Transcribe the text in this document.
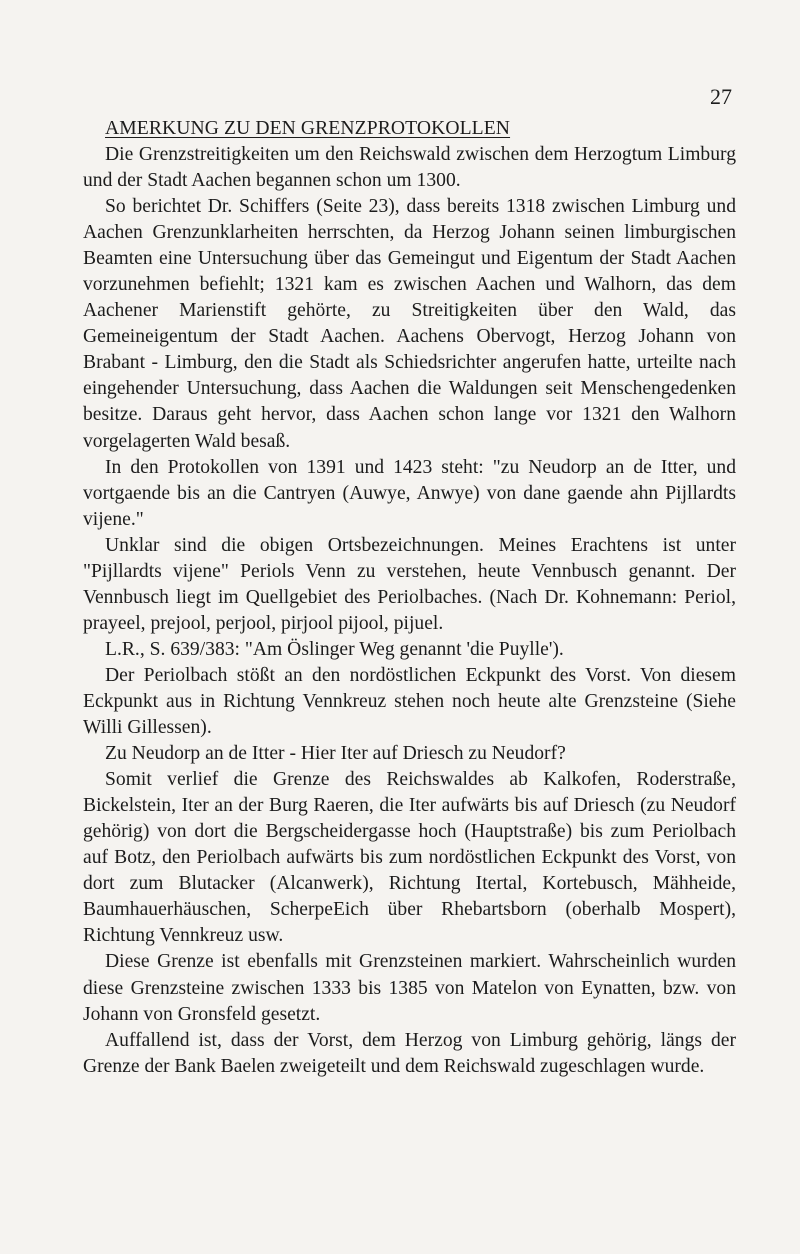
27
AMERKUNG ZU DEN GRENZPROTOKOLLEN

Die Grenzstreitigkeiten um den Reichswald zwischen dem Herzogtum Limburg und der Stadt Aachen begannen schon um 1300.

So berichtet Dr. Schiffers (Seite 23), dass bereits 1318 zwischen Limburg und Aachen Grenzunklarheiten herrschten, da Herzog Johann seinen limburgischen Beamten eine Untersuchung über das Gemeingut und Eigentum der Stadt Aachen vorzunehmen befiehlt; 1321 kam es zwischen Aachen und Walhorn, das dem Aachener Marienstift gehörte, zu Streitigkeiten über den Wald, das Gemeineigentum der Stadt Aachen. Aachens Obervogt, Herzog Johann von Brabant - Limburg, den die Stadt als Schiedsrichter angerufen hatte, urteilte nach eingehender Untersuchung, dass Aachen die Waldungen seit Menschengedenken besitze. Daraus geht hervor, dass Aachen schon lange vor 1321 den Walhorn vorgelagerten Wald besaß.

In den Protokollen von 1391 und 1423 steht: "zu Neudorp an de Itter, und vortgaende bis an die Cantryen (Auwye, Anwye) von dane gaende ahn Pijllardts vijene."

Unklar sind die obigen Ortsbezeichnungen. Meines Erachtens ist unter "Pijllardts vijene" Periols Venn zu verstehen, heute Vennbusch genannt. Der Vennbusch liegt im Quellgebiet des Periolbaches. (Nach Dr. Kohnemann: Periol, prayeel, prejool, perjool, pirjool pijool, pijuel.

L.R., S. 639/383: "Am Öslinger Weg genannt 'die Puylle').

Der Periolbach stößt an den nordöstlichen Eckpunkt des Vorst. Von diesem Eckpunkt aus in Richtung Vennkreuz stehen noch heute alte Grenzsteine (Siehe Willi Gillessen).

Zu Neudorp an de Itter - Hier Iter auf Driesch zu Neudorf?

Somit verlief die Grenze des Reichswaldes ab Kalkofen, Roderstraße, Bickelstein, Iter an der Burg Raeren, die Iter aufwärts bis auf Driesch (zu Neudorf gehörig) von dort die Bergscheidergasse hoch (Hauptstraße) bis zum Periolbach auf Botz, den Periolbach aufwärts bis zum nordöstlichen Eckpunkt des Vorst, von dort zum Blutacker (Alcanwerk), Richtung Itertal, Kortebusch, Mähheide, Baumhauerhäuschen, ScherpeEich über Rhebartsborn (oberhalb Mospert), Richtung Vennkreuz usw.

Diese Grenze ist ebenfalls mit Grenzsteinen markiert. Wahrscheinlich wurden diese Grenzsteine zwischen 1333 bis 1385 von Matelon von Eynatten, bzw. von Johann von Gronsfeld gesetzt.

Auffallend ist, dass der Vorst, dem Herzog von Limburg gehörig, längs der Grenze der Bank Baelen zweigeteilt und dem Reichswald zugeschlagen wurde.
